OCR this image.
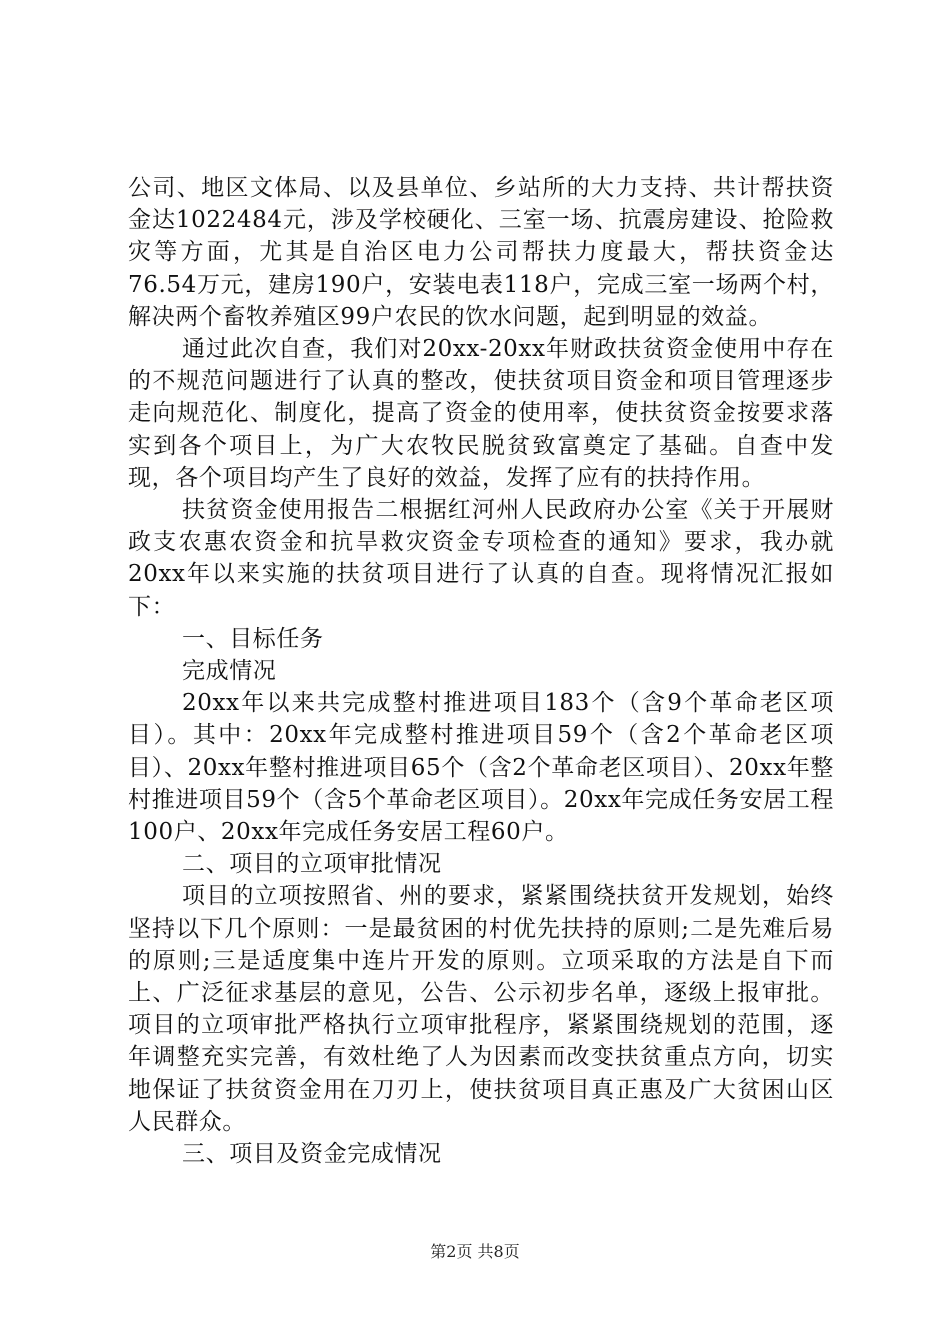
公司、地区文体局、以及县单位、乡站所的大力支持、共计帮扶资金达1022484元，涉及学校硬化、三室一场、抗震房建设、抢险救灾等方面，尤其是自治区电力公司帮扶力度最大，帮扶资金达76.54万元，建房190户，安装电表118户，完成三室一场两个村，解决两个畜牧养殖区99户农民的饮水问题，起到明显的效益。

通过此次自查，我们对20xx-20xx年财政扶贫资金使用中存在的不规范问题进行了认真的整改，使扶贫项目资金和项目管理逐步走向规范化、制度化，提高了资金的使用率，使扶贫资金按要求落实到各个项目上，为广大农牧民脱贫致富奠定了基础。自查中发现，各个项目均产生了良好的效益，发挥了应有的扶持作用。

扶贫资金使用报告二根据红河州人民政府办公室《关于开展财政支农惠农资金和抗旱救灾资金专项检查的通知》要求，我办就20xx年以来实施的扶贫项目进行了认真的自查。现将情况汇报如下：

一、目标任务

完成情况

20xx年以来共完成整村推进项目183个（含9个革命老区项目）。其中：20xx年完成整村推进项目59个（含2个革命老区项目）、20xx年整村推进项目65个（含2个革命老区项目）、20xx年整村推进项目59个（含5个革命老区项目）。20xx年完成任务安居工程100户、20xx年完成任务安居工程60户。

二、项目的立项审批情况

项目的立项按照省、州的要求，紧紧围绕扶贫开发规划，始终坚持以下几个原则：一是最贫困的村优先扶持的原则;二是先难后易的原则;三是适度集中连片开发的原则。立项采取的方法是自下而上、广泛征求基层的意见，公告、公示初步名单，逐级上报审批。项目的立项审批严格执行立项审批程序，紧紧围绕规划的范围，逐年调整充实完善，有效杜绝了人为因素而改变扶贫重点方向，切实地保证了扶贫资金用在刀刃上，使扶贫项目真正惠及广大贫困山区人民群众。

三、项目及资金完成情况

第2页 共8页
